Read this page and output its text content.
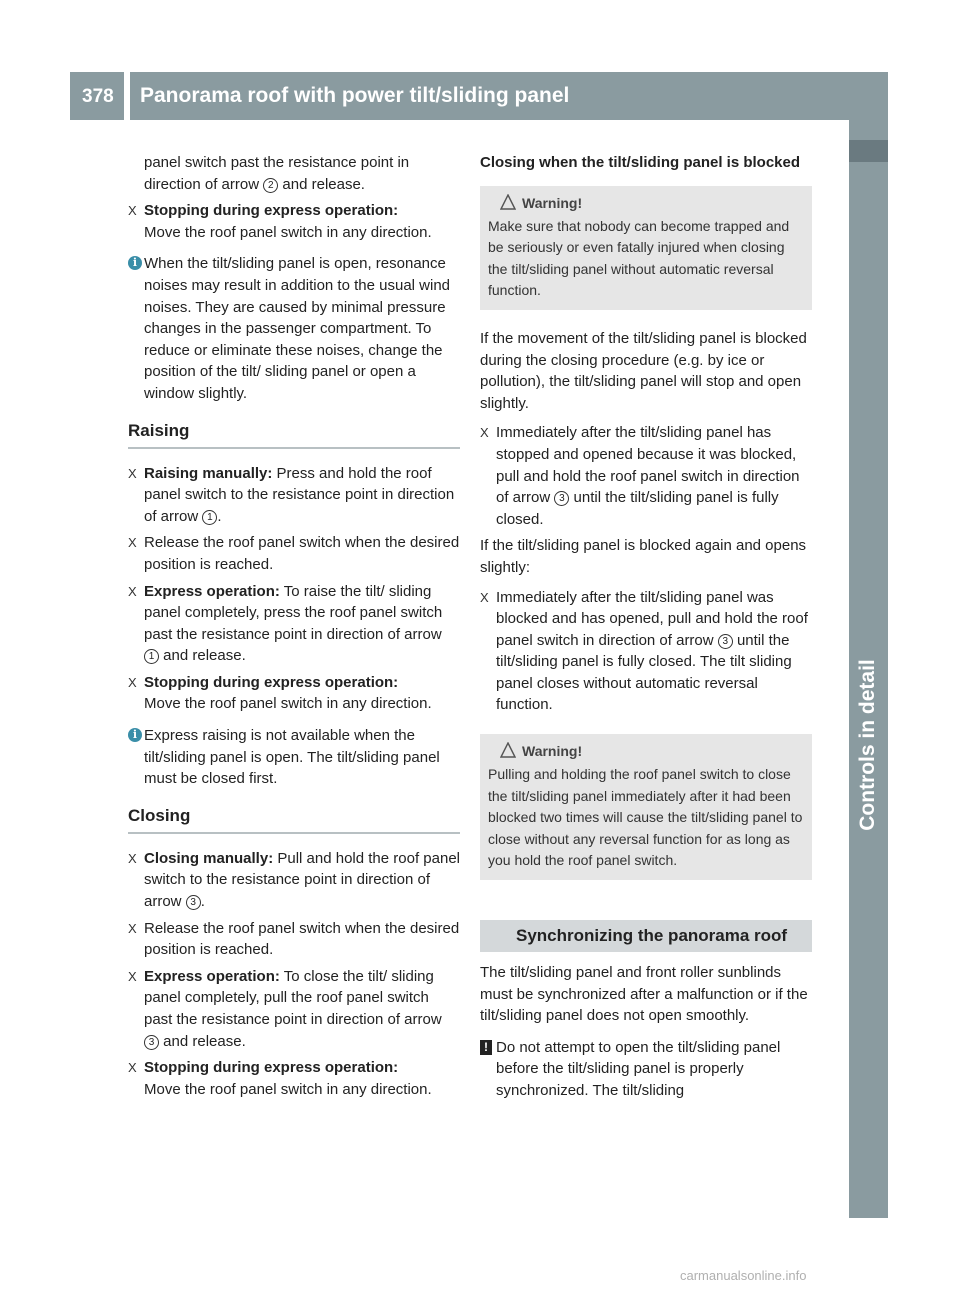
378 Panorama roof with power tilt/sliding panel
Controls in detail

panel switch past the resistance point in direction of arrow 2 and release.

X Stopping during express operation:
Move the roof panel switch in any direction.

i When the tilt/sliding panel is open, resonance noises may result in addition to the usual wind noises. They are caused by minimal pressure changes in the passenger compartment. To reduce or eliminate these noises, change the position of the tilt/ sliding panel or open a window slightly.

Raising

X Raising manually: Press and hold the roof panel switch to the resistance point in direction of arrow 1 .

X Release the roof panel switch when the desired position is reached.

X Express operation: To raise the tilt/ sliding panel completely, press the roof panel switch past the resistance point in direction of arrow 1 and release.

X Stopping during express operation:
Move the roof panel switch in any direction.

i Express raising is not available when the tilt/sliding panel is open. The tilt/sliding panel must be closed first.

Closing

X Closing manually: Pull and hold the roof panel switch to the resistance point in direction of arrow 3 .

X Release the roof panel switch when the desired position is reached.

X Express operation: To close the tilt/ sliding panel completely, pull the roof panel switch past the resistance point in direction of arrow 3 and release.

X Stopping during express operation:
Move the roof panel switch in any direction.

Closing when the tilt/sliding panel is blocked

Warning!
Make sure that nobody can become trapped and be seriously or even fatally injured when closing the tilt/sliding panel without automatic reversal function.

If the movement of the tilt/sliding panel is blocked during the closing procedure (e.g. by ice or pollution), the tilt/sliding panel will stop and open slightly.

X Immediately after the tilt/sliding panel has stopped and opened because it was blocked, pull and hold the roof panel switch in direction of arrow 3 until the tilt/sliding panel is fully closed.

If the tilt/sliding panel is blocked again and opens slightly:

X Immediately after the tilt/sliding panel was blocked and has opened, pull and hold the roof panel switch in direction of arrow 3 until the tilt/sliding panel is fully closed. The tilt sliding panel closes without automatic reversal function.

Warning!
Pulling and holding the roof panel switch to close the tilt/sliding panel immediately after it had been blocked two times will cause the tilt/sliding panel to close without any reversal function for as long as you hold the roof panel switch.
Synchronizing the panorama roof

The tilt/sliding panel and front roller sunblinds must be synchronized after a malfunction or if the tilt/sliding panel does not open smoothly.

! Do not attempt to open the tilt/sliding panel before the tilt/sliding panel is properly synchronized. The tilt/sliding

carmanualsonline.info
